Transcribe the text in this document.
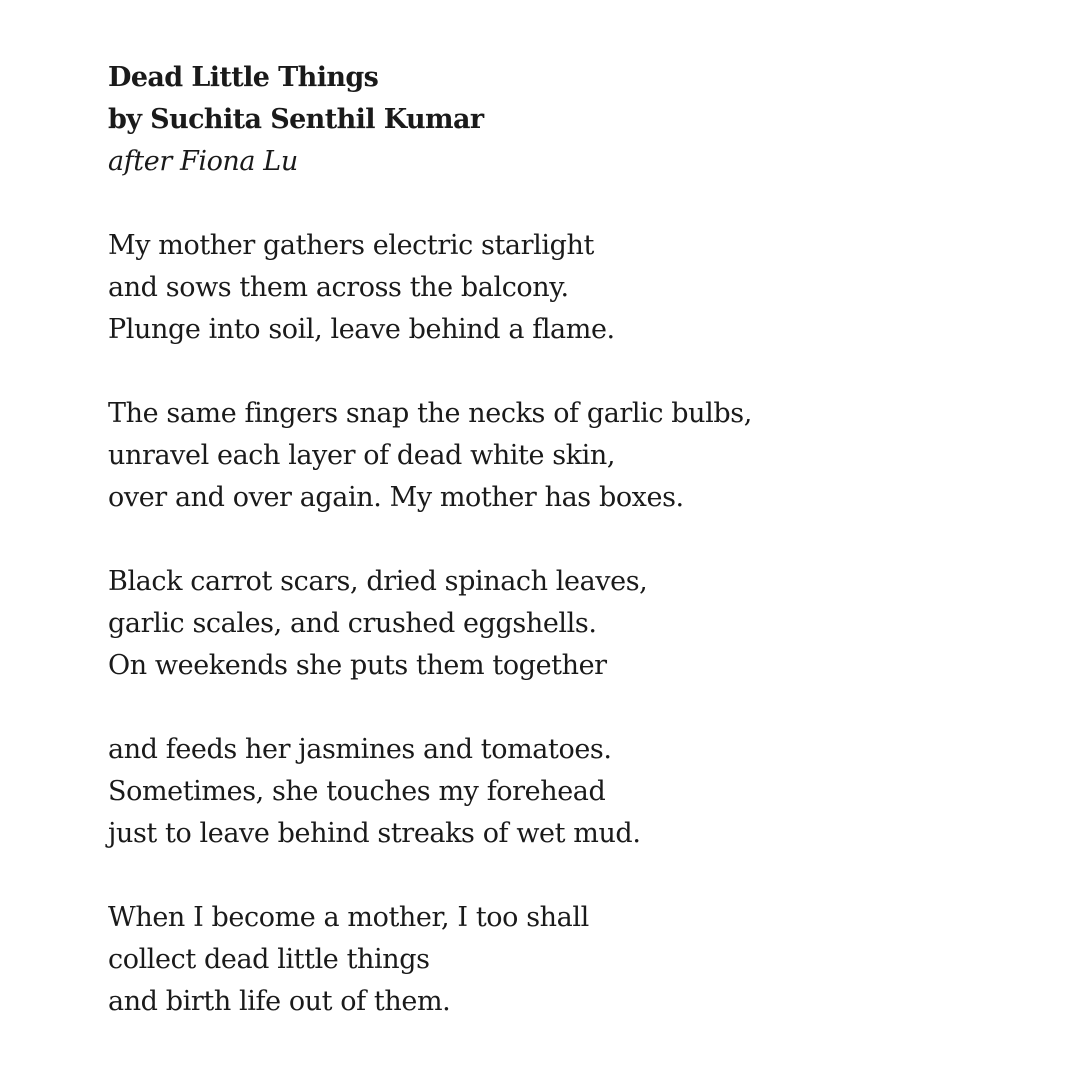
Dead Little Things
by Suchita Senthil Kumar
after Fiona Lu
My mother gathers electric starlight
and sows them across the balcony.
Plunge into soil, leave behind a flame.
The same fingers snap the necks of garlic bulbs,
unravel each layer of dead white skin,
over and over again. My mother has boxes.
Black carrot scars, dried spinach leaves,
garlic scales, and crushed eggshells.
On weekends she puts them together
and feeds her jasmines and tomatoes.
Sometimes, she touches my forehead
just to leave behind streaks of wet mud.
When I become a mother, I too shall
collect dead little things
and birth life out of them.
